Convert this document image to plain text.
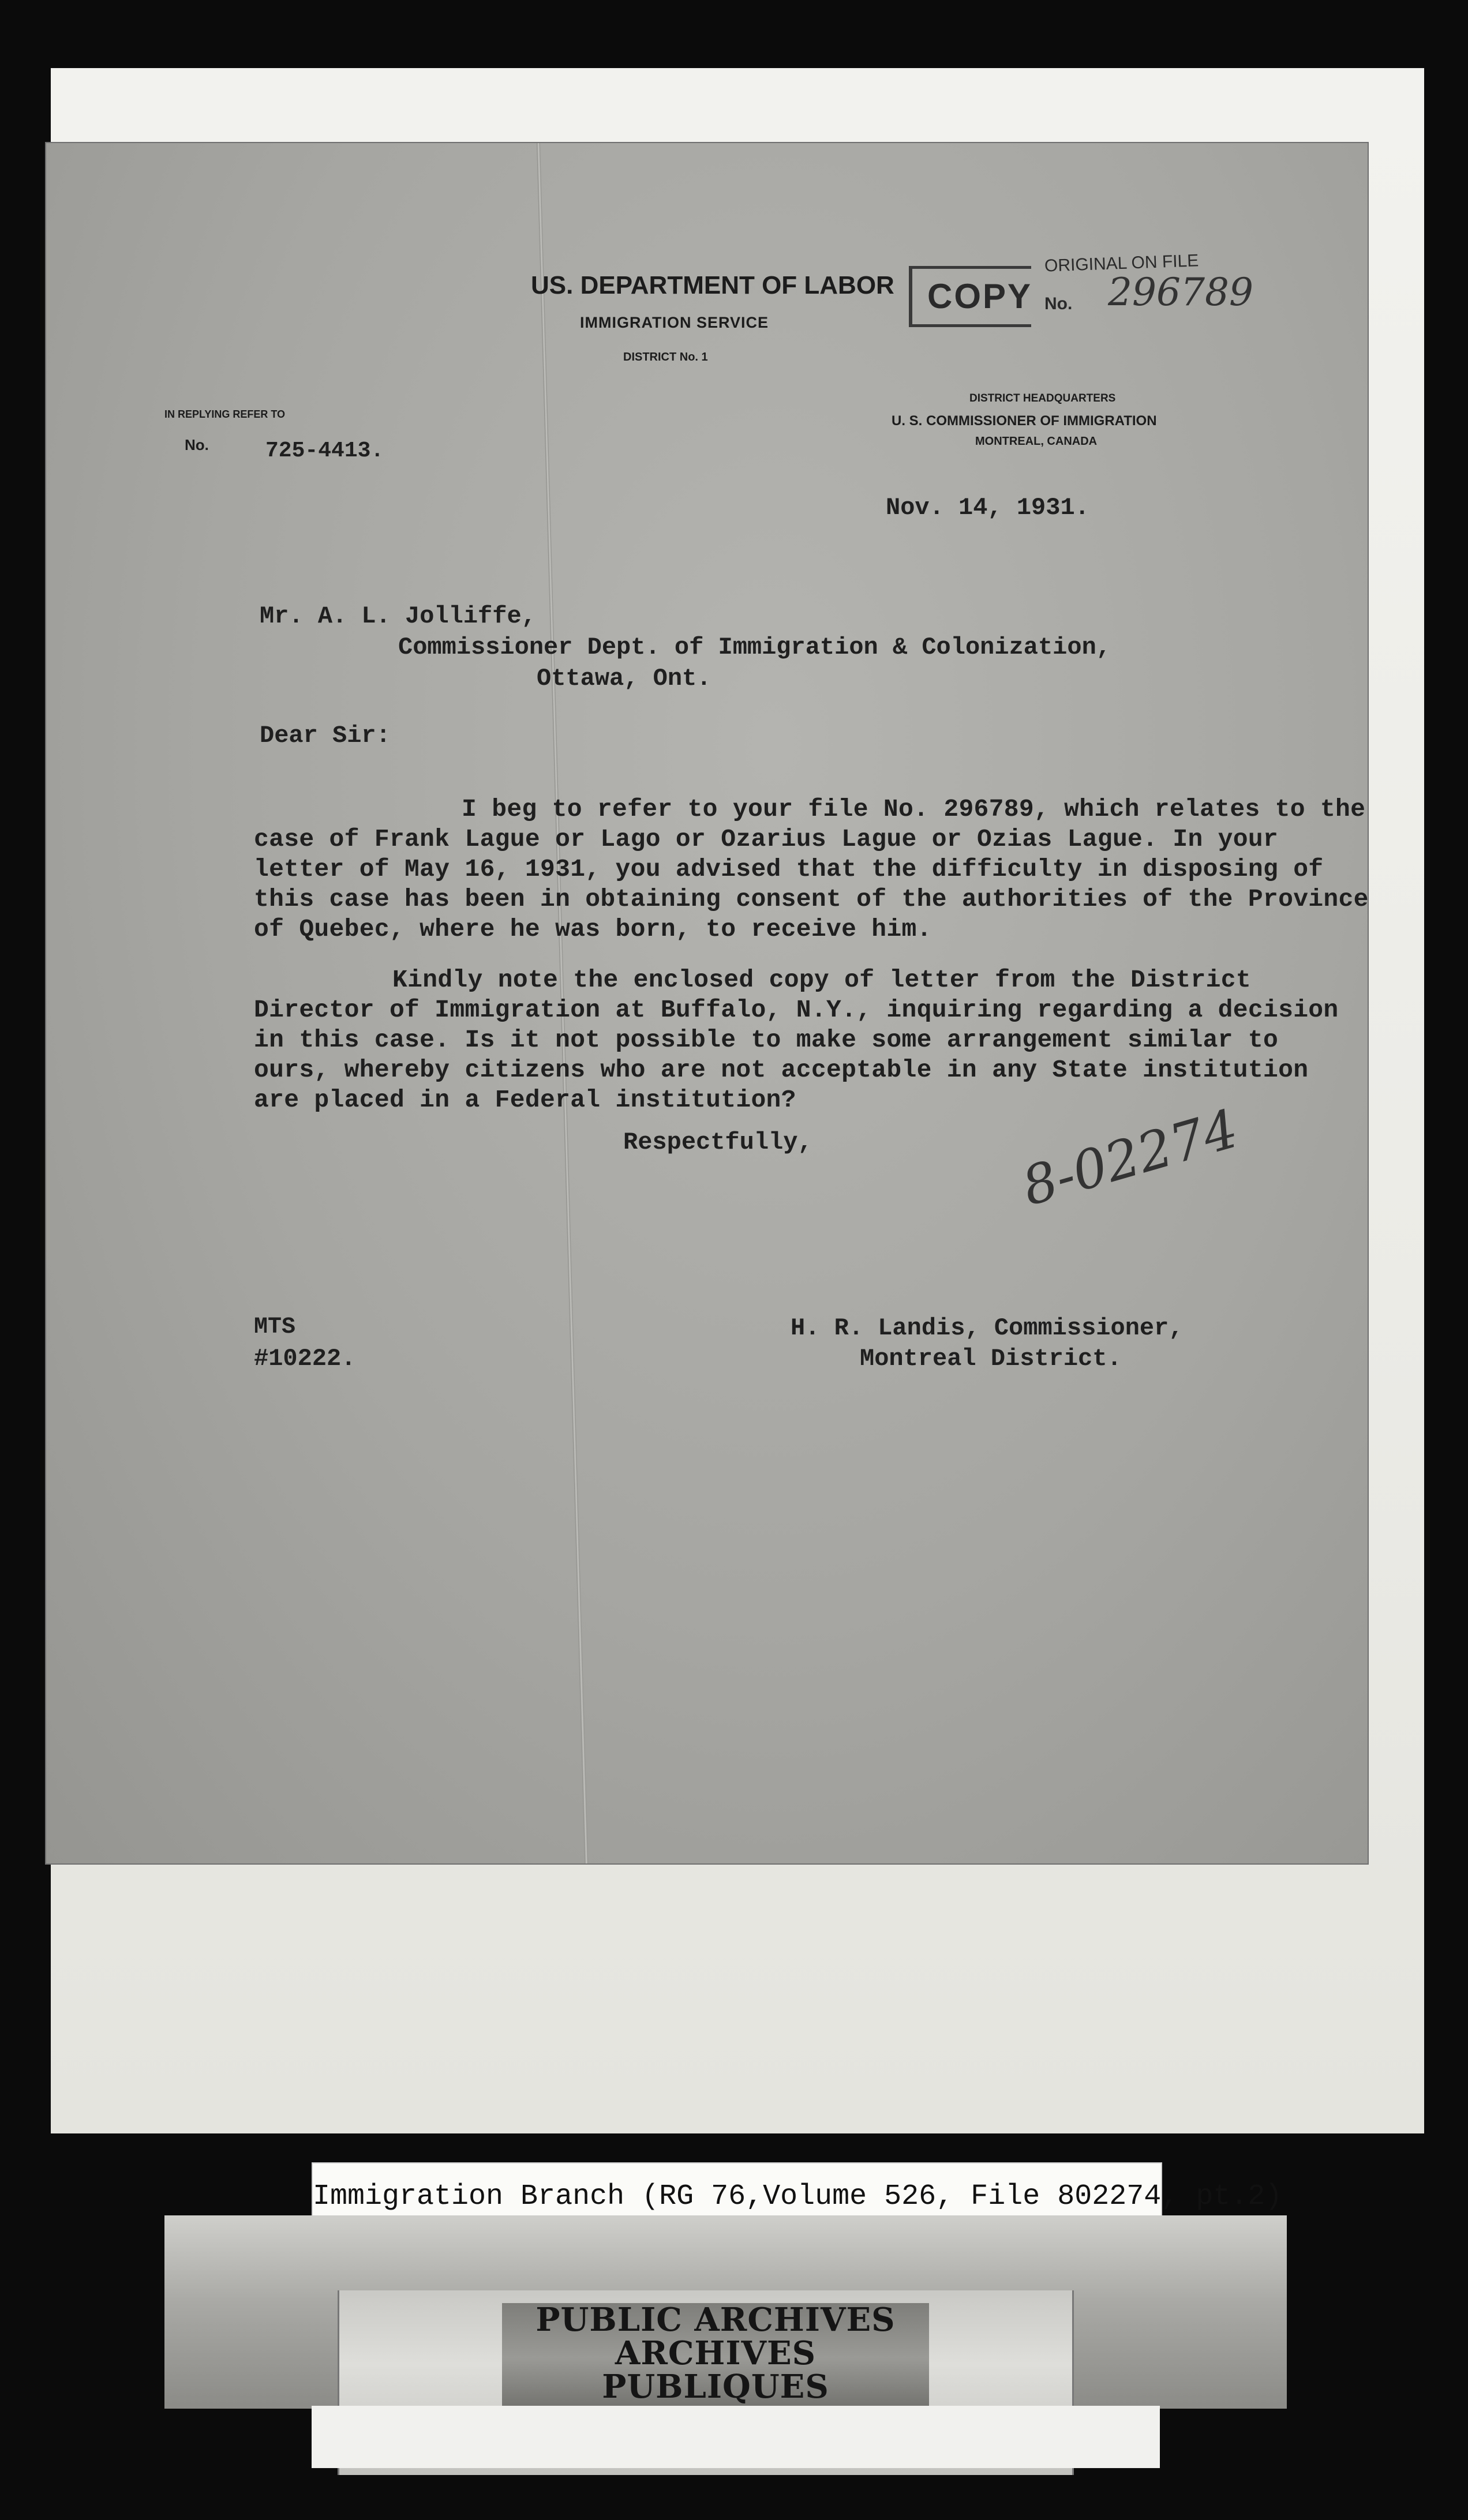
US. DEPARTMENT OF LABOR
IMMIGRATION SERVICE
DISTRICT No. 1
IN REPLYING REFER TO
No.	725-4413.
DISTRICT HEADQUARTERS
U. S. COMMISSIONER OF IMMIGRATION
MONTREAL, CANADA
COPY
ORIGINAL ON FILE
No. 296789
Nov. 14, 1931.
Mr. A. L. Jolliffe,
Commissioner Dept. of Immigration & Colonization,
Ottawa, Ont.
Dear Sir:
I beg to refer to your file No. 296789, which relates to the
case of Frank Lague or Lago or Ozarius Lague or Ozias Lague. In your
letter of May 16, 1931, you advised that the difficulty in disposing of
this case has been in obtaining consent of the authorities of the Province
of Quebec, where he was born, to receive him.
Kindly note the enclosed copy of letter from the District
Director of Immigration at Buffalo, N.Y., inquiring regarding a decision
in this case. Is it not possible to make some arrangement similar to
ours, whereby citizens who are not acceptable in any State institution
are placed in a Federal institution?
Respectfully,	8-02274
MTS
#10222.
H. R. Landis, Commissioner,
Montreal District.
Immigration Branch (RG 76,Volume 526, File 802274, pt.2)
PUBLIC ARCHIVES
ARCHIVES PUBLIQUES
